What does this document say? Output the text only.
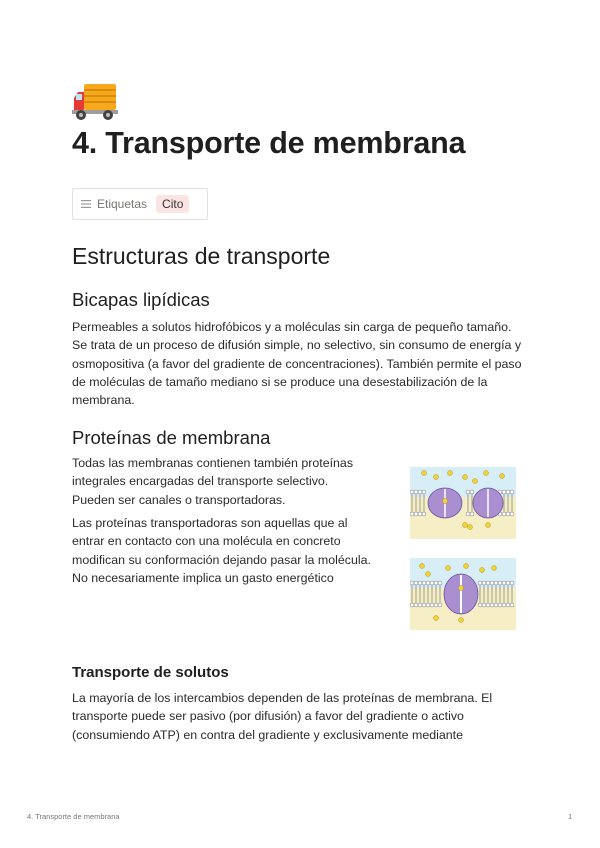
4. Transporte de membrana
Etiquetas	Cito
Estructuras de transporte
Bicapas lipídicas

Permeables a solutos hidrofóbicos y a moléculas sin carga de pequeño tamaño. Se trata de un proceso de difusión simple, no selectivo, sin consumo de energía y osmopositiva (a favor del gradiente de concentraciones). También permite el paso de moléculas de tamaño mediano si se produce una desestabilización de la membrana.

Proteínas de membrana

Todas las membranas contienen también proteínas integrales encargadas del transporte selectivo. Pueden ser canales o transportadoras.

Las proteínas transportadoras son aquellas que al entrar en contacto con una molécula en concreto modifican su conformación dejando pasar la molécula. No necesariamente implica un gasto energético

Transporte de solutos

La mayoría de los intercambios dependen de las proteínas de membrana. El transporte puede ser pasivo (por difusión) a favor del gradiente o activo (consumiendo ATP) en contra del gradiente y exclusivamente mediante

4. Transporte de membrana	1
